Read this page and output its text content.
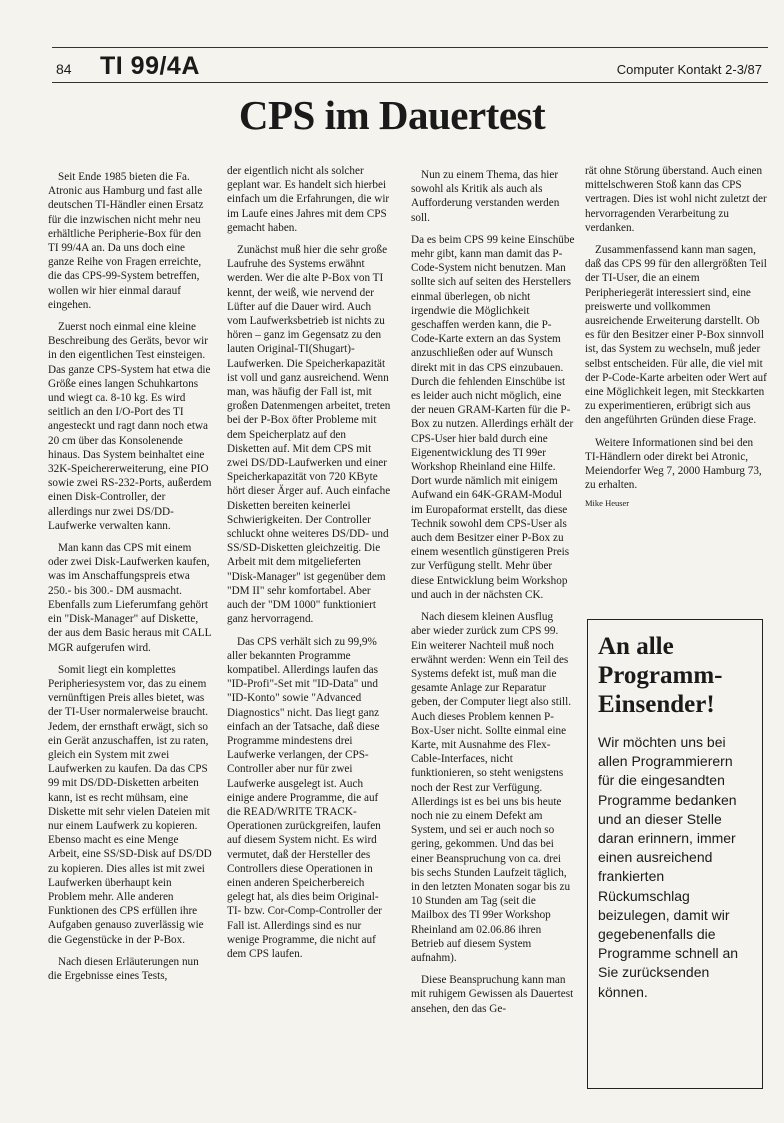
84 TI 99/4A	Computer Kontakt 2-3/87
CPS im Dauertest

Seit Ende 1985 bieten die Fa. Atronic aus Hamburg und fast alle deutschen TI-Händler einen Ersatz für die inzwischen nicht mehr neu erhältliche Peripherie-Box für den TI 99/4A an. Da uns doch eine ganze Reihe von Fragen erreichte, die das CPS-99-System betreffen, wollen wir hier einmal darauf eingehen.

Zuerst noch einmal eine kleine Beschreibung des Geräts, bevor wir in den eigentlichen Test einsteigen. Das ganze CPS-System hat etwa die Größe eines langen Schuhkartons und wiegt ca. 8-10 kg. Es wird seitlich an den I/O-Port des TI angesteckt und ragt dann noch etwa 20 cm über das Konsolenende hinaus. Das System beinhaltet eine 32K-Speichererweiterung, eine PIO sowie zwei RS-232-Ports, außerdem einen Disk-Controller, der allerdings nur zwei DS/DD-Laufwerke verwalten kann.

Man kann das CPS mit einem oder zwei Disk-Laufwerken kaufen, was im Anschaffungspreis etwa 250.- bis 300.- DM ausmacht. Ebenfalls zum Lieferumfang gehört ein "Disk-Manager" auf Diskette, der aus dem Basic heraus mit CALL MGR aufgerufen wird.

Somit liegt ein komplettes Peripheriesystem vor, das zu einem vernünftigen Preis alles bietet, was der TI-User normalerweise braucht. Jedem, der ernsthaft erwägt, sich so ein Gerät anzuschaffen, ist zu raten, gleich ein System mit zwei Laufwerken zu kaufen. Da das CPS 99 mit DS/DD-Disketten arbeiten kann, ist es recht mühsam, eine Diskette mit sehr vielen Dateien mit nur einem Laufwerk zu kopieren. Ebenso macht es eine Menge Arbeit, eine SS/SD-Disk auf DS/DD zu kopieren. Dies alles ist mit zwei Laufwerken überhaupt kein Problem mehr. Alle anderen Funktionen des CPS erfüllen ihre Aufgaben genauso zuverlässig wie die Gegenstücke in der P-Box.

Nach diesen Erläuterungen nun die Ergebnisse eines Tests,

der eigentlich nicht als solcher geplant war. Es handelt sich hierbei einfach um die Erfahrungen, die wir im Laufe eines Jahres mit dem CPS gemacht haben.

Zunächst muß hier die sehr große Laufruhe des Systems erwähnt werden. Wer die alte P-Box von TI kennt, der weiß, wie nervend der Lüfter auf die Dauer wird. Auch vom Laufwerksbetrieb ist nichts zu hören – ganz im Gegensatz zu den lauten Original-TI(Shugart)-Laufwerken. Die Speicherkapazität ist voll und ganz ausreichend. Wenn man, was häufig der Fall ist, mit großen Datenmengen arbeitet, treten bei der P-Box öfter Probleme mit dem Speicherplatz auf den Disketten auf. Mit dem CPS mit zwei DS/DD-Laufwerken und einer Speicherkapazität von 720 KByte hört dieser Ärger auf. Auch einfache Disketten bereiten keinerlei Schwierigkeiten. Der Controller schluckt ohne weiteres DS/DD- und SS/SD-Disketten gleichzeitig. Die Arbeit mit dem mitgelieferten "Disk-Manager" ist gegenüber dem "DM II" sehr komfortabel. Aber auch der "DM 1000" funktioniert ganz hervorragend.

Das CPS verhält sich zu 99,9% aller bekannten Programme kompatibel. Allerdings laufen das "ID-Profi"-Set mit "ID-Data" und "ID-Konto" sowie "Advanced Diagnostics" nicht. Das liegt ganz einfach an der Tatsache, daß diese Programme mindestens drei Laufwerke verlangen, der CPS-Controller aber nur für zwei Laufwerke ausgelegt ist. Auch einige andere Programme, die auf die READ/WRITE TRACK-Operationen zurückgreifen, laufen auf diesem System nicht. Es wird vermutet, daß der Hersteller des Controllers diese Operationen in einen anderen Speicherbereich gelegt hat, als dies beim Original-TI- bzw. Cor-Comp-Controller der Fall ist. Allerdings sind es nur wenige Programme, die nicht auf dem CPS laufen.

Nun zu einem Thema, das hier sowohl als Kritik als auch als Aufforderung verstanden werden soll.

Da es beim CPS 99 keine Einschübe mehr gibt, kann man damit das P-Code-System nicht benutzen. Man sollte sich auf seiten des Herstellers einmal überlegen, ob nicht irgendwie die Möglichkeit geschaffen werden kann, die P-Code-Karte extern an das System anzuschließen oder auf Wunsch direkt mit in das CPS einzubauen. Durch die fehlenden Einschübe ist es leider auch nicht möglich, eine der neuen GRAM-Karten für die P-Box zu nutzen. Allerdings erhält der CPS-User hier bald durch eine Eigenentwicklung des TI 99er Workshop Rheinland eine Hilfe. Dort wurde nämlich mit einigem Aufwand ein 64K-GRAM-Modul im Europaformat erstellt, das diese Technik sowohl dem CPS-User als auch dem Besitzer einer P-Box zu einem wesentlich günstigeren Preis zur Verfügung stellt. Mehr über diese Entwicklung beim Workshop und auch in der nächsten CK.

Nach diesem kleinen Ausflug aber wieder zurück zum CPS 99. Ein weiterer Nachteil muß noch erwähnt werden: Wenn ein Teil des Systems defekt ist, muß man die gesamte Anlage zur Reparatur geben, der Computer liegt also still. Auch dieses Problem kennen P-Box-User nicht. Sollte einmal eine Karte, mit Ausnahme des Flex-Cable-Interfaces, nicht funktionieren, so steht wenigstens noch der Rest zur Verfügung. Allerdings ist es bei uns bis heute noch nie zu einem Defekt am System, und sei er auch noch so gering, gekommen. Und das bei einer Beanspruchung von ca. drei bis sechs Stunden Laufzeit täglich, in den letzten Monaten sogar bis zu 10 Stunden am Tag (seit die Mailbox des TI 99er Workshop Rheinland am 02.06.86 ihren Betrieb auf diesem System aufnahm).

Diese Beanspruchung kann man mit ruhigem Gewissen als Dauertest ansehen, den das Ge-

rät ohne Störung überstand. Auch einen mittelschweren Stoß kann das CPS vertragen. Dies ist wohl nicht zuletzt der hervorragenden Verarbeitung zu verdanken.

Zusammenfassend kann man sagen, daß das CPS 99 für den allergrößten Teil der TI-User, die an einem Peripheriegerät interessiert sind, eine preiswerte und vollkommen ausreichende Erweiterung darstellt. Ob es für den Besitzer einer P-Box sinnvoll ist, das System zu wechseln, muß jeder selbst entscheiden. Für alle, die viel mit der P-Code-Karte arbeiten oder Wert auf eine Möglichkeit legen, mit Steckkarten zu experimentieren, erübrigt sich aus den angeführten Gründen diese Frage.

Weitere Informationen sind bei den TI-Händlern oder direkt bei Atronic, Meiendorfer Weg 7, 2000 Hamburg 73, zu erhalten.

Mike Heuser
An alle
Programm-
Einsender!
Wir möchten uns bei allen Programmierern für die eingesandten Programme bedanken und an dieser Stelle daran erinnern, immer einen ausreichend frankierten Rückumschlag beizulegen, damit wir gegebenenfalls die Programme schnell an Sie zurücksenden können.
